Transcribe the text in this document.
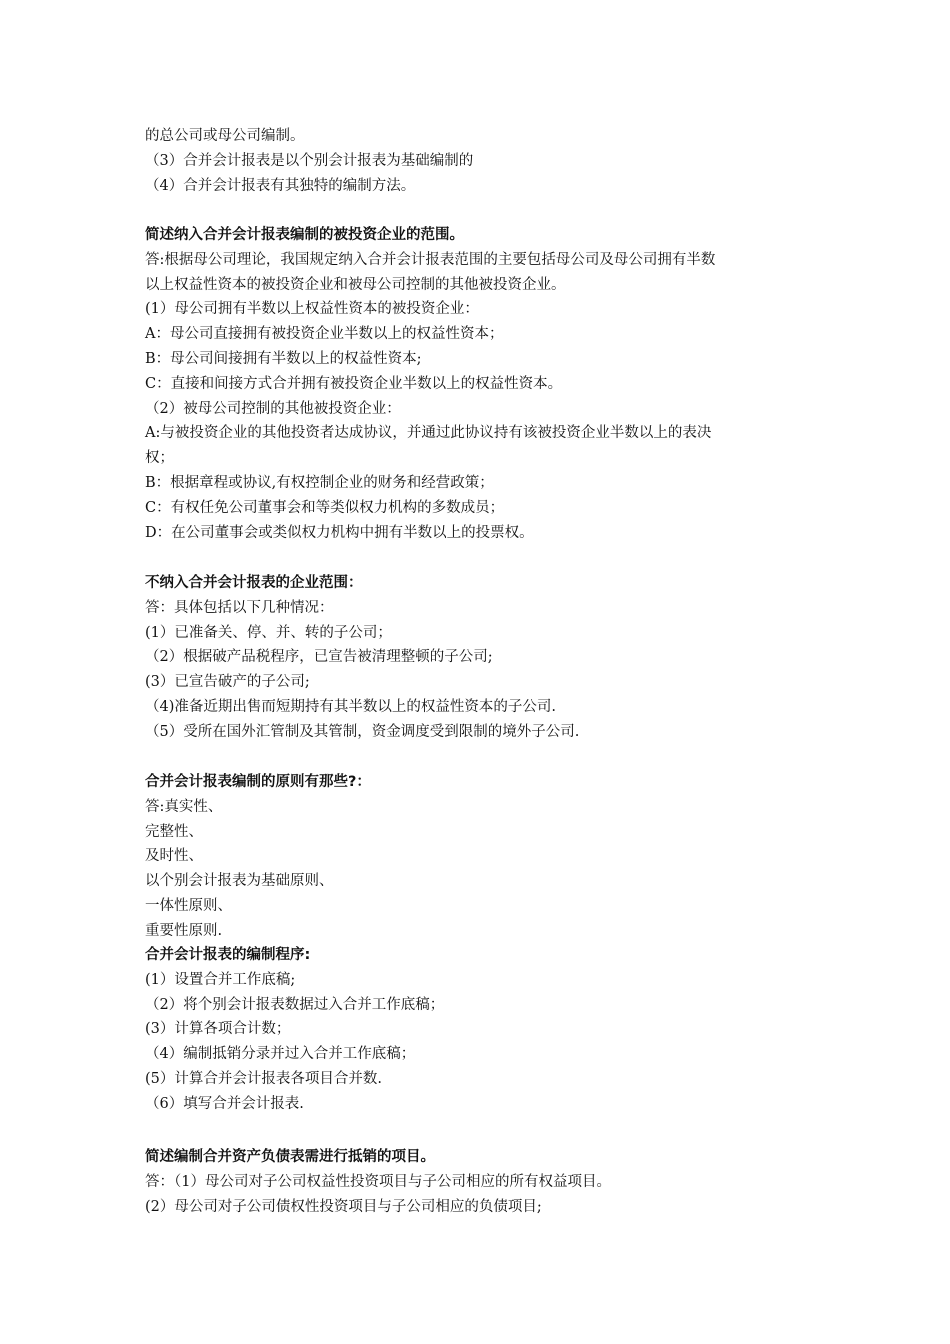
的总公司或母公司编制。
（3）合并会计报表是以个别会计报表为基础编制的
（4）合并会计报表有其独特的编制方法。
简述纳入合并会计报表编制的被投资企业的范围。
答:根据母公司理论，我国规定纳入合并会计报表范围的主要包括母公司及母公司拥有半数
以上权益性资本的被投资企业和被母公司控制的其他被投资企业。
(1）母公司拥有半数以上权益性资本的被投资企业：
A：母公司直接拥有被投资企业半数以上的权益性资本；
B：母公司间接拥有半数以上的权益性资本;
C：直接和间接方式合并拥有被投资企业半数以上的权益性资本。
（2）被母公司控制的其他被投资企业：
A:与被投资企业的其他投资者达成协议，并通过此协议持有该被投资企业半数以上的表决
权；
B：根据章程或协议,有权控制企业的财务和经营政策；
C：有权任免公司董事会和等类似权力机构的多数成员；
D：在公司董事会或类似权力机构中拥有半数以上的投票权。
不纳入合并会计报表的企业范围：
答：具体包括以下几种情况：
(1）已准备关、停、并、转的子公司；
（2）根据破产品税程序，已宣告被清理整顿的子公司;
(3）已宣告破产的子公司;
（4)准备近期出售而短期持有其半数以上的权益性资本的子公司.
（5）受所在国外汇管制及其管制，资金调度受到限制的境外子公司.
合并会计报表编制的原则有那些?：
答:真实性、
完整性、
及时性、
以个别会计报表为基础原则、
一体性原则、
重要性原则.
合并会计报表的编制程序:
(1）设置合并工作底稿;
（2）将个别会计报表数据过入合并工作底稿；
(3）计算各项合计数；
（4）编制抵销分录并过入合并工作底稿；
(5）计算合并会计报表各项目合并数.
（6）填写合并会计报表.
简述编制合并资产负债表需进行抵销的项目。
答：（1）母公司对子公司权益性投资项目与子公司相应的所有权益项目。
(2）母公司对子公司债权性投资项目与子公司相应的负债项目;
